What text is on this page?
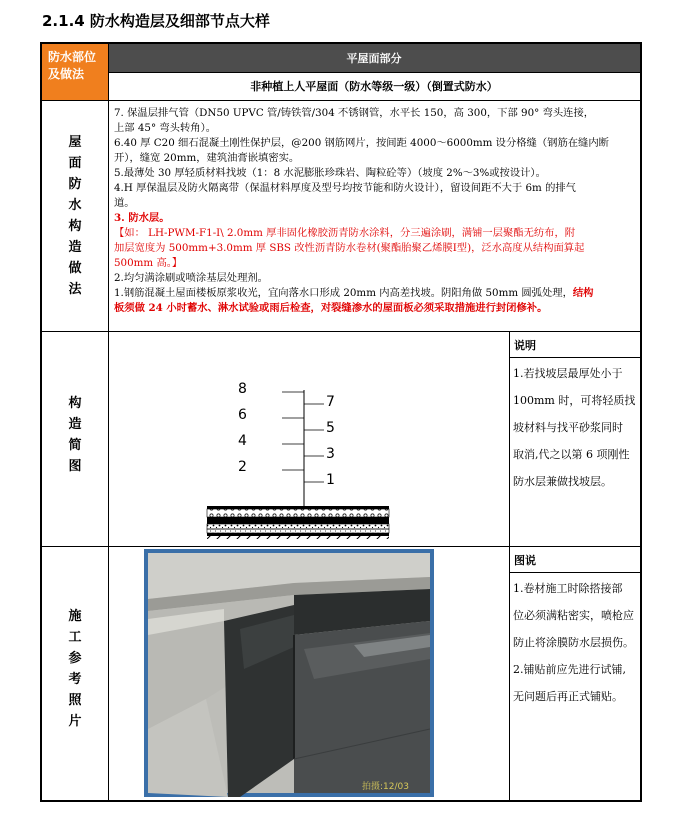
2.1.4 防水构造层及细部节点大样
防水部位
及做法
平屋面部分
非种植上人平屋面（防水等级一级）（倒置式防水）
屋
面
防
水
构
造
做
法
构
造
简
图
施
工
参
考
照
片

7. 保温层排气管（DN50 UPVC 管/铸铁管/304 不锈钢管，水平长 150，高 300，下部 90° 弯头连接，

上部 45° 弯头转角）。

6.40 厚 C20 细石混凝土刚性保护层，@200 钢筋网片，按间距 4000～6000mm 设分格缝（钢筋在缝内断

开），缝宽 20mm，建筑油膏嵌填密实。

5.最薄处 30 厚轻质材料找坡（1：8 水泥膨胀珍珠岩、陶粒砼等）（坡度 2%～3%或按设计）。

4.H 厚保温层及防火隔离带（保温材料厚度及型号均按节能和防火设计），留设间距不大于 6m 的排气

道。

3. 防水层。

【如： LH-PWM-F1-Ⅰ\ 2.0mm 厚非固化橡胶沥青防水涂料，分三遍涂刷，满铺一层聚酯无纺布，附

加层宽度为 500mm+3.0mm 厚 SBS 改性沥青防水卷材(聚酯胎聚乙烯膜Ⅰ型)，泛水高度从结构面算起

500mm 高。】

2.均匀满涂刷或喷涂基层处理剂。

1.钢筋混凝土屋面楼板原浆收光，宜向落水口形成 20mm 内高差找坡。阴阳角做 50mm 圆弧处理，结构

板须做 24 小时蓄水、淋水试验或雨后检查，对裂缝渗水的屋面板必须采取措施进行封闭修补。

8
6
4
2
7
5
3
1
说明
1.若找坡层最厚处小于
100mm 时，可将轻质找
坡材料与找平砂浆同时
取消,代之以第 6 项刚性
防水层兼做找坡层。
拍摄:12/03
图说
1.卷材施工时除搭接部
位必须满粘密实，喷枪应
防止将涂膜防水层损伤。
2.铺贴前应先进行试铺,
无问题后再正式铺贴。
